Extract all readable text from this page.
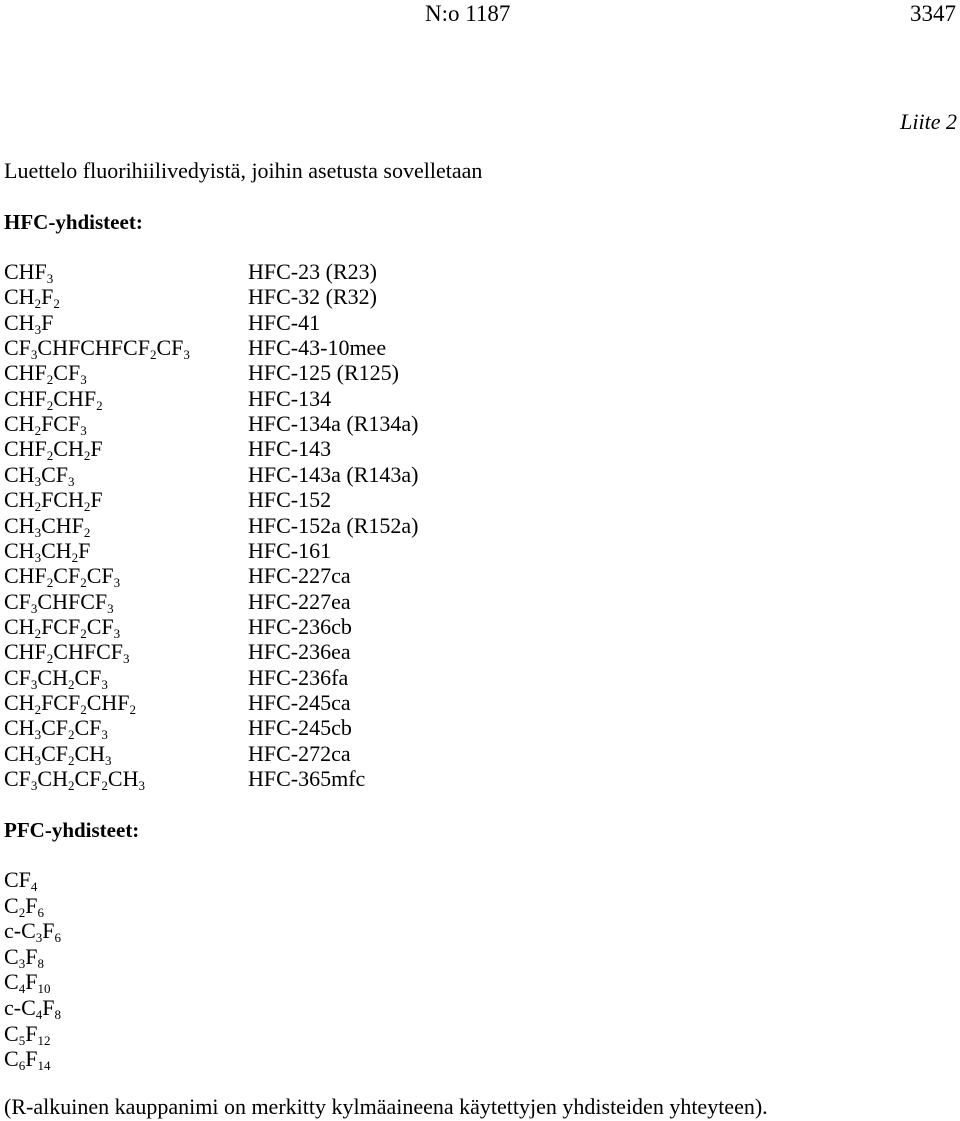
N:o 1187	3347
Liite 2
Luettelo fluorihiilivedyistä, joihin asetusta sovelletaan
HFC-yhdisteet:
$CHF_3$	HFC-23 (R23)
$CH_2F_2$	HFC-32 (R32)
$CH_3F$	HFC-41
$CF_3CHFCHFCF_2CF_3$	HFC-43-10mee
$CHF_2CF_3$	HFC-125 (R125)
$CHF_2CHF_2$	HFC-134
$CH_2FCF_3$	HFC-134a (R134a)
$CHF_2CH_2F$	HFC-143
$CH_3CF_3$	HFC-143a (R143a)
$CH_2FCH_2F$	HFC-152
$CH_3CHF_2$	HFC-152a (R152a)
$CH_3CH_2F$	HFC-161
$CHF_2CF_2CF_3$	HFC-227ca
$CF_3CHFCF_3$	HFC-227ea
$CH_2FCF_2CF_3$	HFC-236cb
$CHF_2CHFCF_3$	HFC-236ea
$CF_3CH_2CF_3$	HFC-236fa
$CH_2FCF_2CHF_2$	HFC-245ca
$CH_3CF_2CF_3$	HFC-245cb
$CH_3CF_2CH_3$	HFC-272ca
$CF_3CH_2CF_2CH_3$	HFC-365mfc
PFC-yhdisteet:
$CF_4$
$C_2F_6$
$c-C_3F_6$
$C_3F_8$
$C_4F_{10}$
$c-C_4F_8$
$C_5F_{12}$
$C_6F_{14}$
(R-alkuinen kauppanimi on merkitty kylmäaineena käytettyjen yhdisteiden yhteyteen).
